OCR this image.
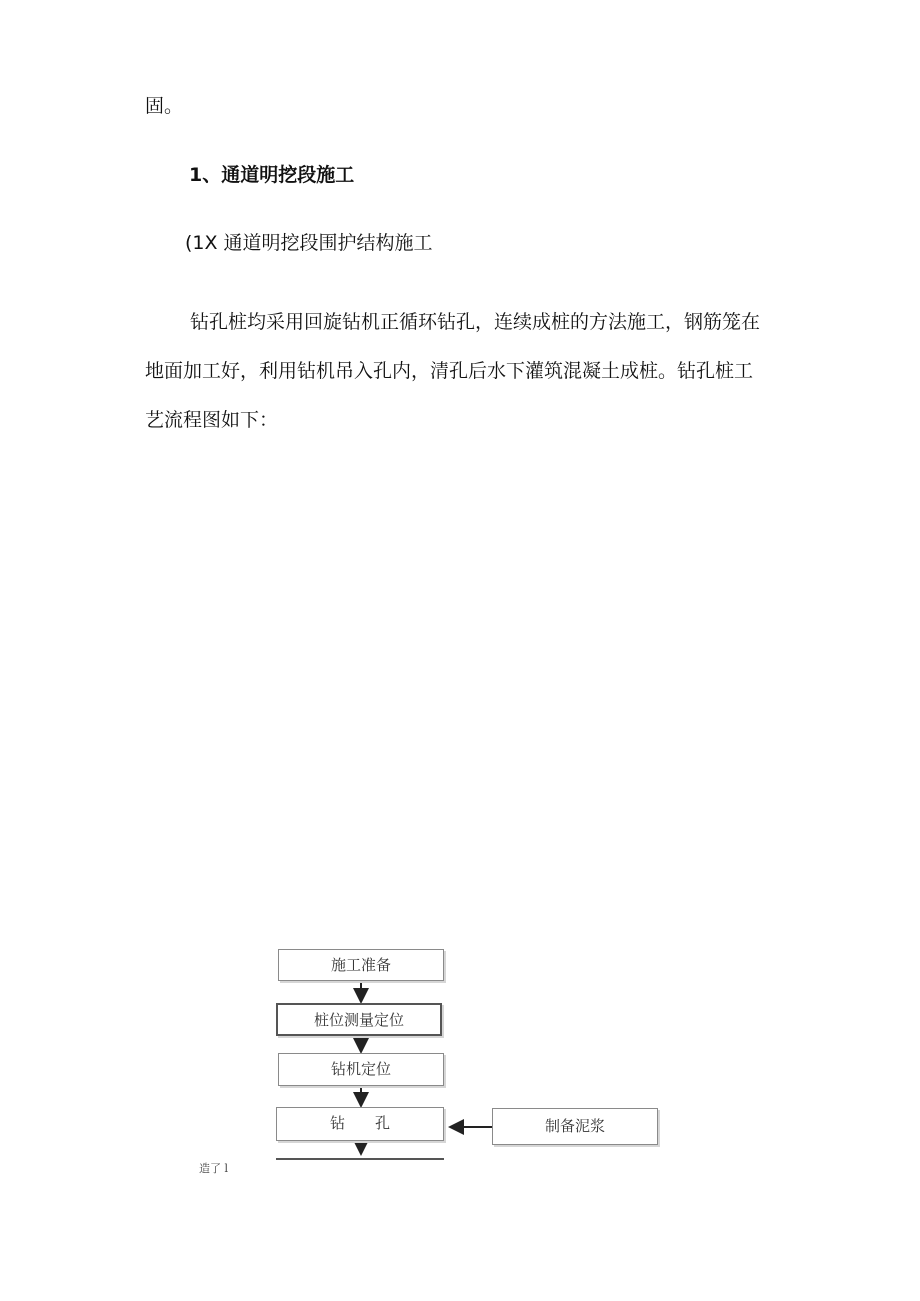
固。
1、通道明挖段施工
(1X 通道明挖段围护结构施工
钻孔桩均采用回旋钻机正循环钻孔，连续成桩的方法施工，钢筋笼在
地面加工好，利用钻机吊入孔内，清孔后水下灌筑混凝土成桩。钻孔桩工
艺流程图如下：
施工准备
桩位测量定位
钻机定位
钻　　孔	制备泥浆
造了 l
